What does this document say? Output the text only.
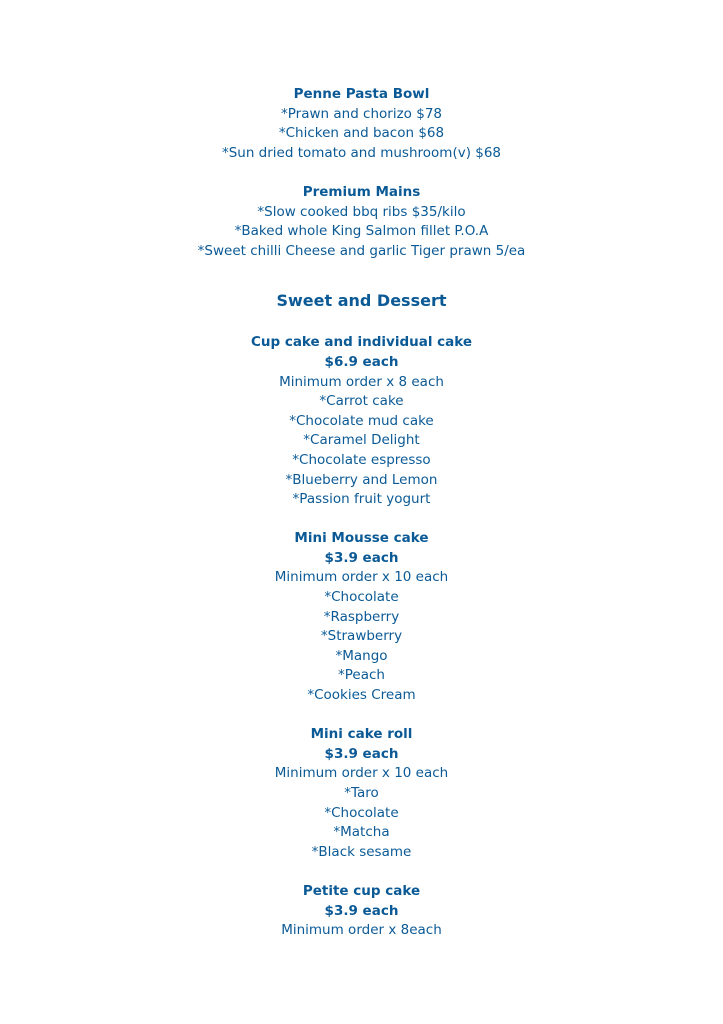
Penne Pasta Bowl
*Prawn and chorizo $78
*Chicken and bacon $68
*Sun dried tomato and mushroom(v) $68
Premium Mains
*Slow cooked bbq ribs $35/kilo
*Baked whole King Salmon fillet P.O.A
*Sweet chilli Cheese and garlic Tiger prawn 5/ea
Sweet and Dessert
Cup cake and individual cake
$6.9 each
Minimum order x 8 each
*Carrot cake
*Chocolate mud cake
*Caramel Delight
*Chocolate espresso
*Blueberry and Lemon
*Passion fruit yogurt
Mini Mousse cake
$3.9 each
Minimum order x 10 each
*Chocolate
*Raspberry
*Strawberry
*Mango
*Peach
*Cookies Cream
Mini cake roll
$3.9 each
Minimum order x 10 each
*Taro
*Chocolate
*Matcha
*Black sesame
Petite cup cake
$3.9 each
Minimum order x 8each
